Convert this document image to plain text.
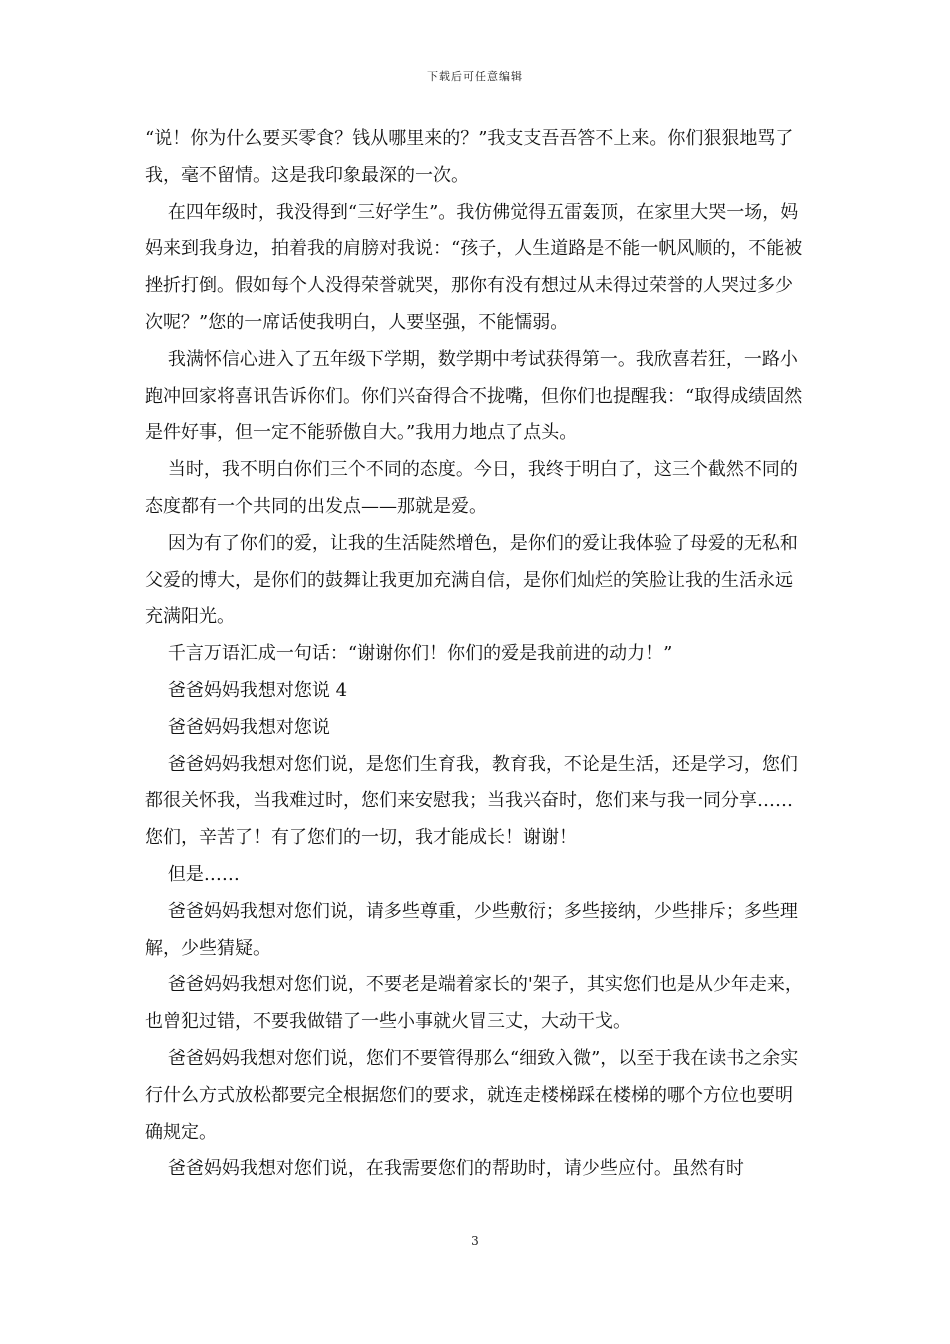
下载后可任意编辑

“说！你为什么要买零食？钱从哪里来的？”我支支吾吾答不上来。你们狠狠地骂了我，毫不留情。这是我印象最深的一次。

在四年级时，我没得到“三好学生”。我仿佛觉得五雷轰顶，在家里大哭一场，妈妈来到我身边，拍着我的肩膀对我说：“孩子，人生道路是不能一帆风顺的，不能被挫折打倒。假如每个人没得荣誉就哭，那你有没有想过从未得过荣誉的人哭过多少次呢？”您的一席话使我明白，人要坚强，不能懦弱。

我满怀信心进入了五年级下学期，数学期中考试获得第一。我欣喜若狂，一路小跑冲回家将喜讯告诉你们。你们兴奋得合不拢嘴，但你们也提醒我：“取得成绩固然是件好事，但一定不能骄傲自大。”我用力地点了点头。

当时，我不明白你们三个不同的态度。今日，我终于明白了，这三个截然不同的态度都有一个共同的出发点——那就是爱。

因为有了你们的爱，让我的生活陡然增色，是你们的爱让我体验了母爱的无私和父爱的博大，是你们的鼓舞让我更加充满自信，是你们灿烂的笑脸让我的生活永远充满阳光。

千言万语汇成一句话：“谢谢你们！你们的爱是我前进的动力！”

爸爸妈妈我想对您说 4

爸爸妈妈我想对您说

爸爸妈妈我想对您们说，是您们生育我，教育我，不论是生活，还是学习，您们都很关怀我，当我难过时，您们来安慰我；当我兴奋时，您们来与我一同分享……您们，辛苦了！有了您们的一切，我才能成长！谢谢！

但是……

爸爸妈妈我想对您们说，请多些尊重，少些敷衍；多些接纳，少些排斥；多些理解，少些猜疑。

爸爸妈妈我想对您们说，不要老是端着家长的'架子，其实您们也是从少年走来，也曾犯过错，不要我做错了一些小事就火冒三丈，大动干戈。

爸爸妈妈我想对您们说，您们不要管得那么“细致入微”，以至于我在读书之余实行什么方式放松都要完全根据您们的要求，就连走楼梯踩在楼梯的哪个方位也要明确规定。

爸爸妈妈我想对您们说，在我需要您们的帮助时，请少些应付。虽然有时

3
